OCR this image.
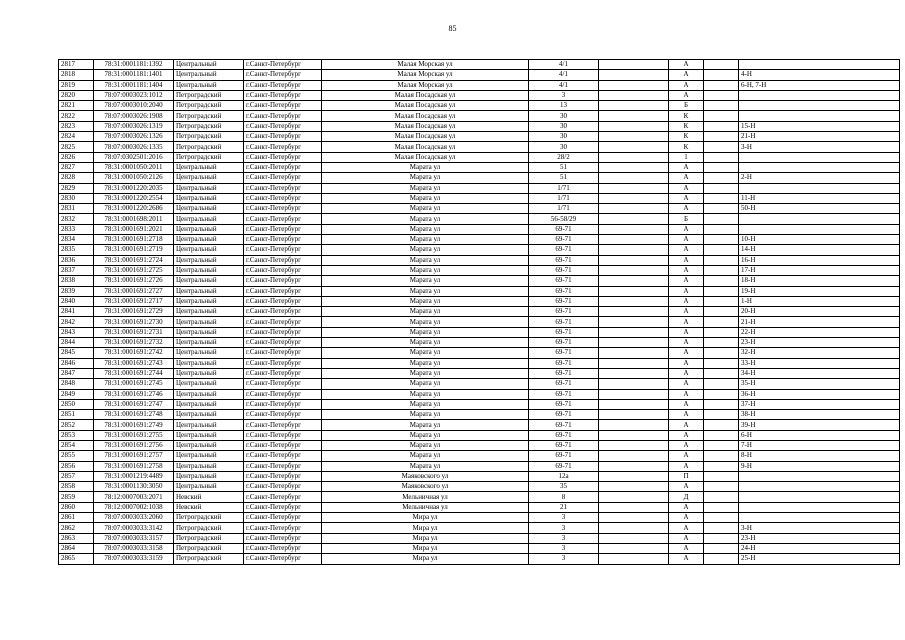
85
2817	78:31:0001181:1392	Центральный	г.Санкт-Петербург	Малая Морская ул	4/1		А		
2818	78:31:0001181:1401	Центральный	г.Санкт-Петербург	Малая Морская ул	4/1		А		4-Н
2819	78:31:0001181:1404	Центральный	г.Санкт-Петербург	Малая Морская ул	4/1		А		6-Н, 7-Н
2820	78:07:0003023:1012	Петроградский	г.Санкт-Петербург	Малая Посадская ул	3		А		
2821	78:07:0003010:2040	Петроградский	г.Санкт-Петербург	Малая Посадская ул	13		Б		
2822	78:07:0003026:1908	Петроградский	г.Санкт-Петербург	Малая Посадская ул	30		К		
2823	78:07:0003026:1319	Петроградский	г.Санкт-Петербург	Малая Посадская ул	30		К		15-Н
2824	78:07:0003026:1326	Петроградский	г.Санкт-Петербург	Малая Посадская ул	30		К		21-Н
2825	78:07:0003026:1335	Петроградский	г.Санкт-Петербург	Малая Посадская ул	30		К		3-Н
2826	78:07:0302501:2016	Петроградский	г.Санкт-Петербург	Малая Посадская ул	28/2		1		
2827	78:31:0001050:2011	Центральный	г.Санкт-Петербург	Марата ул	51		А		
2828	78:31:0001050:2126	Центральный	г.Санкт-Петербург	Марата ул	51		А		2-Н
2829	78:31:0001220:2035	Центральный	г.Санкт-Петербург	Марата ул	1/71		А		
2830	78:31:0001220:2554	Центральный	г.Санкт-Петербург	Марата ул	1/71		А		11-Н
2831	78:31:0001220:2686	Центральный	г.Санкт-Петербург	Марата ул	1/71		А		50-Н
2832	78:31:0001698:2011	Центральный	г.Санкт-Петербург	Марата ул	56-58/29		Б		
2833	78:31:0001691:2021	Центральный	г.Санкт-Петербург	Марата ул	69-71		А		
2834	78:31:0001691:2718	Центральный	г.Санкт-Петербург	Марата ул	69-71		А		10-Н
2835	78:31:0001691:2719	Центральный	г.Санкт-Петербург	Марата ул	69-71		А		14-Н
2836	78:31:0001691:2724	Центральный	г.Санкт-Петербург	Марата ул	69-71		А		16-Н
2837	78:31:0001691:2725	Центральный	г.Санкт-Петербург	Марата ул	69-71		А		17-Н
2838	78:31:0001691:2726	Центральный	г.Санкт-Петербург	Марата ул	69-71		А		18-Н
2839	78:31:0001691:2727	Центральный	г.Санкт-Петербург	Марата ул	69-71		А		19-Н
2840	78:31:0001691:2717	Центральный	г.Санкт-Петербург	Марата ул	69-71		А		1-Н
2841	78:31:0001691:2729	Центральный	г.Санкт-Петербург	Марата ул	69-71		А		20-Н
2842	78:31:0001691:2730	Центральный	г.Санкт-Петербург	Марата ул	69-71		А		21-Н
2843	78:31:0001691:2731	Центральный	г.Санкт-Петербург	Марата ул	69-71		А		22-Н
2844	78:31:0001691:2732	Центральный	г.Санкт-Петербург	Марата ул	69-71		А		23-Н
2845	78:31:0001691:2742	Центральный	г.Санкт-Петербург	Марата ул	69-71		А		32-Н
2846	78:31:0001691:2743	Центральный	г.Санкт-Петербург	Марата ул	69-71		А		33-Н
2847	78:31:0001691:2744	Центральный	г.Санкт-Петербург	Марата ул	69-71		А		34-Н
2848	78:31:0001691:2745	Центральный	г.Санкт-Петербург	Марата ул	69-71		А		35-Н
2849	78:31:0001691:2746	Центральный	г.Санкт-Петербург	Марата ул	69-71		А		36-Н
2850	78:31:0001691:2747	Центральный	г.Санкт-Петербург	Марата ул	69-71		А		37-Н
2851	78:31:0001691:2748	Центральный	г.Санкт-Петербург	Марата ул	69-71		А		38-Н
2852	78:31:0001691:2749	Центральный	г.Санкт-Петербург	Марата ул	69-71		А		39-Н
2853	78:31:0001691:2755	Центральный	г.Санкт-Петербург	Марата ул	69-71		А		6-Н
2854	78:31:0001691:2756	Центральный	г.Санкт-Петербург	Марата ул	69-71		А		7-Н
2855	78:31:0001691:2757	Центральный	г.Санкт-Петербург	Марата ул	69-71		А		8-Н
2856	78:31:0001691:2758	Центральный	г.Санкт-Петербург	Марата ул	69-71		А		9-Н
2857	78:31:0001219:4489	Центральный	г.Санкт-Петербург	Маяковского ул	12а		П		
2858	78:31:0001130:3050	Центральный	г.Санкт-Петербург	Маяковского ул	35		А		
2859	78:12:0007003:2071	Невский	г.Санкт-Петербург	Мельничная ул	8		Д		
2860	78:12:0007002:1038	Невский	г.Санкт-Петербург	Мельничная ул	21		А		
2861	78:07:0003033:2060	Петроградский	г.Санкт-Петербург	Мира ул	3		А		
2862	78:07:0003033:3142	Петроградский	г.Санкт-Петербург	Мира ул	3		А		3-Н
2863	78:07:0003033:3157	Петроградский	г.Санкт-Петербург	Мира ул	3		А		23-Н
2864	78:07:0003033:3158	Петроградский	г.Санкт-Петербург	Мира ул	3		А		24-Н
2865	78:07:0003033:3159	Петроградский	г.Санкт-Петербург	Мира ул	3		А		25-Н
